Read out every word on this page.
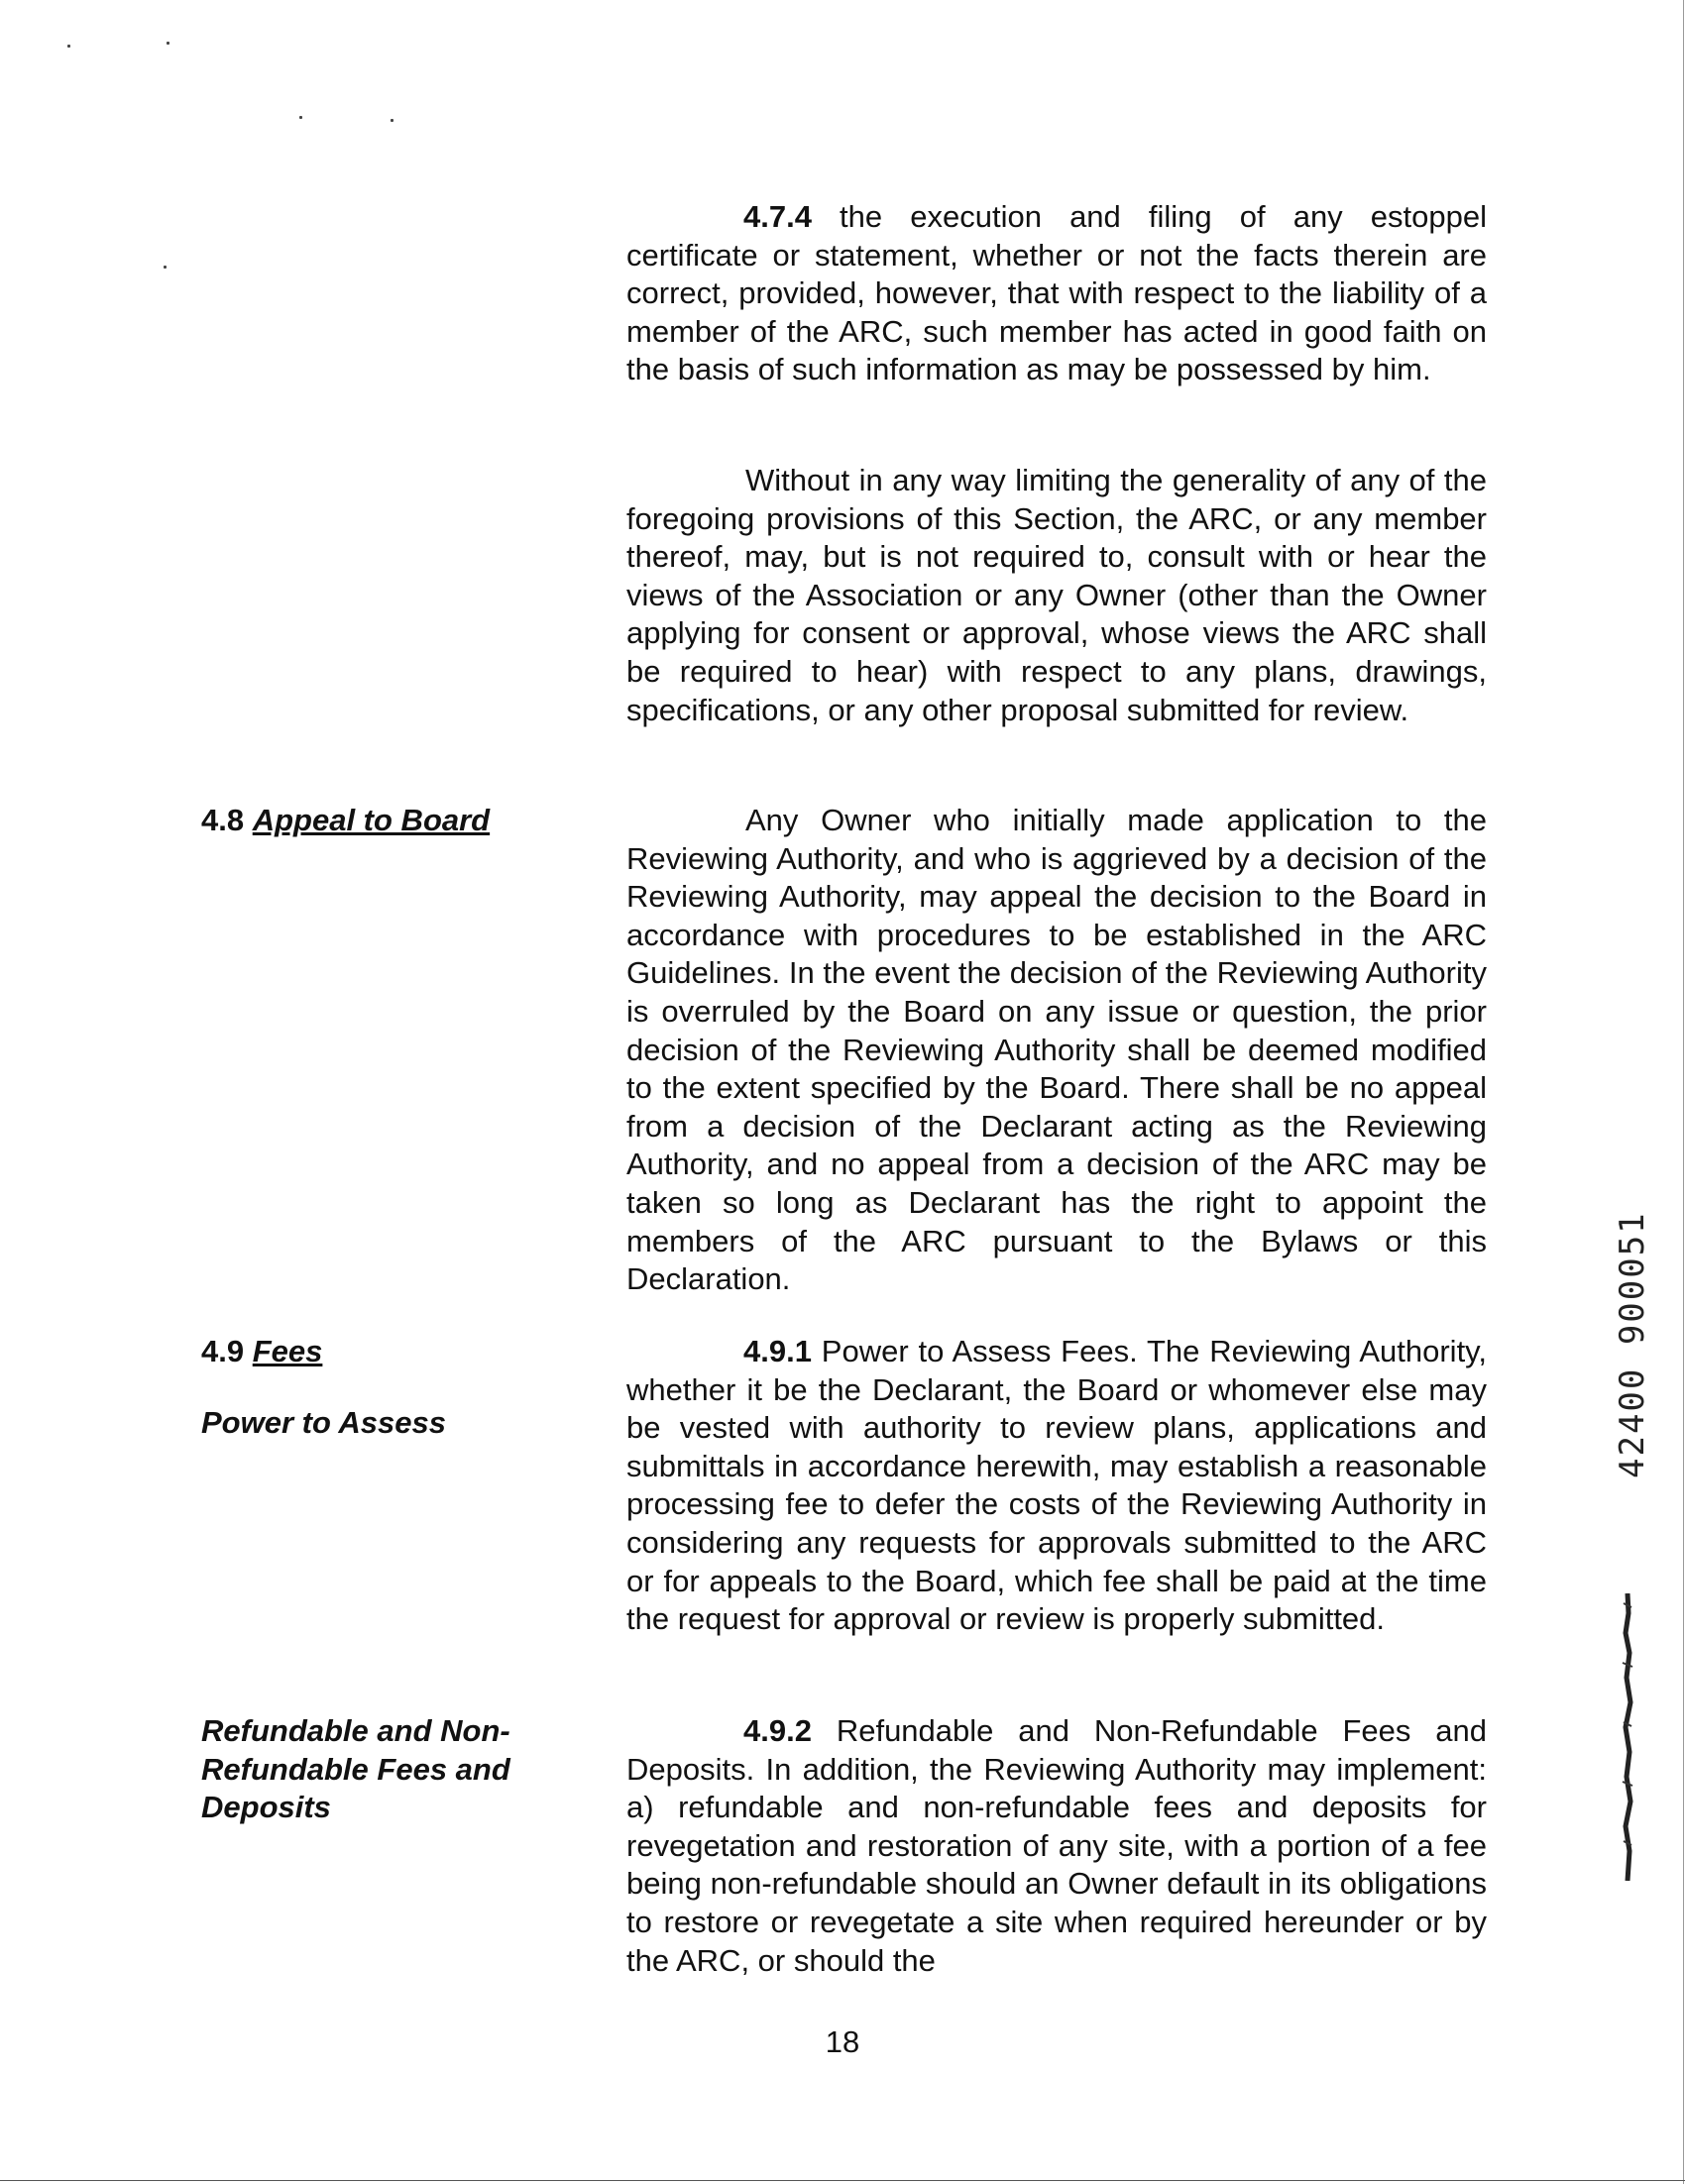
4.7.4 the execution and filing of any estoppel certificate or statement, whether or not the facts therein are correct, provided, however, that with respect to the liability of a member of the ARC, such member has acted in good faith on the basis of such information as may be possessed by him.

Without in any way limiting the generality of any of the foregoing provisions of this Section, the ARC, or any member thereof, may, but is not required to, consult with or hear the views of the Association or any Owner (other than the Owner applying for consent or approval, whose views the ARC shall be required to hear) with respect to any plans, drawings, specifications, or any other proposal submitted for review.

4.8 Appeal to Board	Any Owner who initially made application to the Reviewing Authority, and who is aggrieved by a decision of the Reviewing Authority, may appeal the decision to the Board in accordance with procedures to be established in the ARC Guidelines. In the event the decision of the Reviewing Authority is overruled by the Board on any issue or question, the prior decision of the Reviewing Authority shall be deemed modified to the extent specified by the Board. There shall be no appeal from a decision of the Declarant acting as the Reviewing Authority, and no appeal from a decision of the ARC may be taken so long as Declarant has the right to appoint the members of the ARC pursuant to the Bylaws or this Declaration.

4.9 Fees
Power to Assess

4.9.1 Power to Assess Fees. The Reviewing Authority, whether it be the Declarant, the Board or whomever else may be vested with authority to review plans, applications and submittals in accordance herewith, may establish a reasonable processing fee to defer the costs of the Reviewing Authority in considering any requests for approvals submitted to the ARC or for appeals to the Board, which fee shall be paid at the time the request for approval or review is properly submitted.

Refundable and Non-Refundable Fees and Deposits

4.9.2 Refundable and Non-Refundable Fees and Deposits. In addition, the Reviewing Authority may implement: a) refundable and non-refundable fees and deposits for revegetation and restoration of any site, with a portion of a fee being non-refundable should an Owner default in its obligations to restore or revegetate a site when required hereunder or by the ARC, or should the

18
42400 900051
